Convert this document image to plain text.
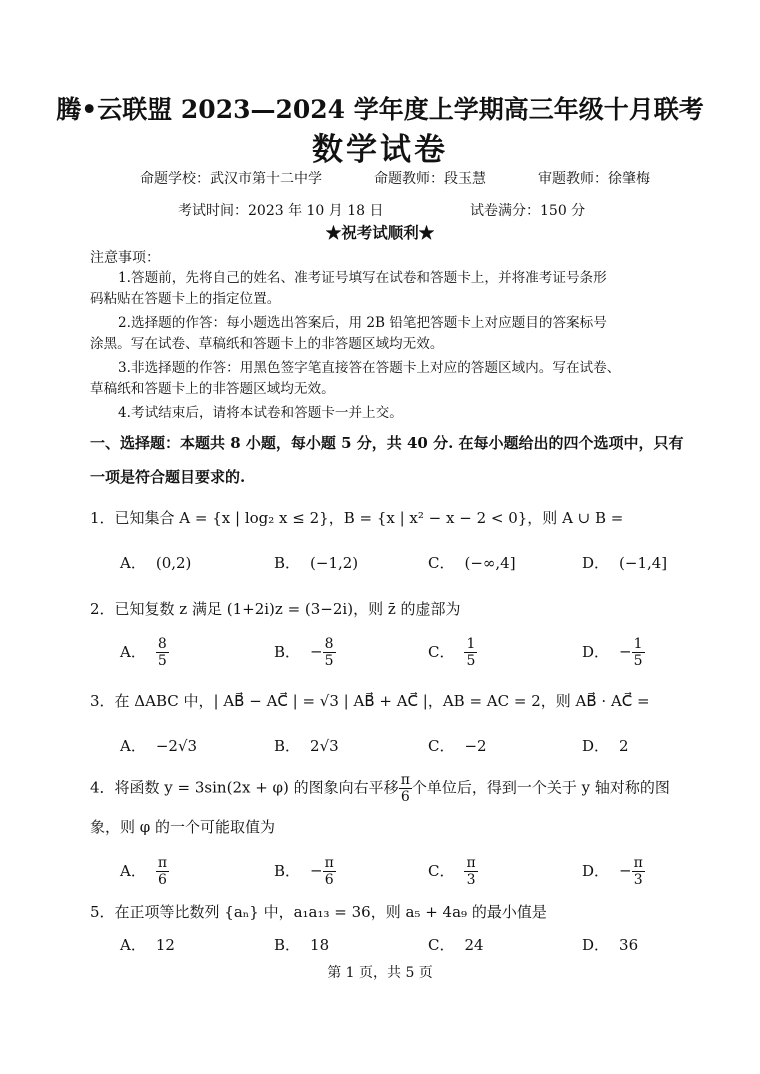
腾•云联盟 2023—2024 学年度上学期高三年级十月联考
数学试卷
命题学校：武汉市第十二中学	命题教师：段玉慧	审题教师：徐肇梅
考试时间：2023 年 10 月 18 日	试卷满分：150 分
★祝考试顺利★
注意事项：
1.答题前，先将自己的姓名、准考证号填写在试卷和答题卡上，并将准考证号条形
码粘贴在答题卡上的指定位置。
2.选择题的作答：每小题选出答案后，用 2B 铅笔把答题卡上对应题目的答案标号
涂黑。写在试卷、草稿纸和答题卡上的非答题区域均无效。
3.非选择题的作答：用黑色签字笔直接答在答题卡上对应的答题区域内。写在试卷、
草稿纸和答题卡上的非答题区域均无效。
4.考试结束后，请将本试卷和答题卡一并上交。
一、选择题：本题共 8 小题，每小题 5 分，共 40 分. 在每小题给出的四个选项中，只有
一项是符合题目要求的.
1．已知集合 A = {x | log₂ x ≤ 2}，B = {x | x² − x − 2 < 0}，则 A ∪ B =
A． (0,2)	B． (−1,2)	C． (−∞,4]	D． (−1,4]
2．已知复数 z 满足 (1+2i)z = (3−2i)，则 z̄ 的虚部为
A． $\frac{8}{5}$	B． − $\frac{8}{5}$	C． $\frac{1}{5}$	D． − $\frac{1}{5}$
3．在 ΔABC 中，| AB⃗ − AC⃗ | = √3 | AB⃗ + AC⃗ |，AB = AC = 2，则 AB⃗ · AC⃗ =
A． −2√3	B． 2√3	C． −2	D． 2
4．将函数 y = 3sin(2x + φ) 的图象向右平移 $\frac{\pi}{6}$ 个单位后，得到一个关于 y 轴对称的图
象，则 φ 的一个可能取值为
A． $\frac{\pi}{6}$	B． − $\frac{\pi}{6}$	C． $\frac{\pi}{3}$	D． − $\frac{\pi}{3}$
5．在正项等比数列 {aₙ} 中，a₁a₁₃ = 36，则 a₅ + 4a₉ 的最小值是
A． 12	B． 18	C． 24	D． 36
第 1 页，共 5 页
